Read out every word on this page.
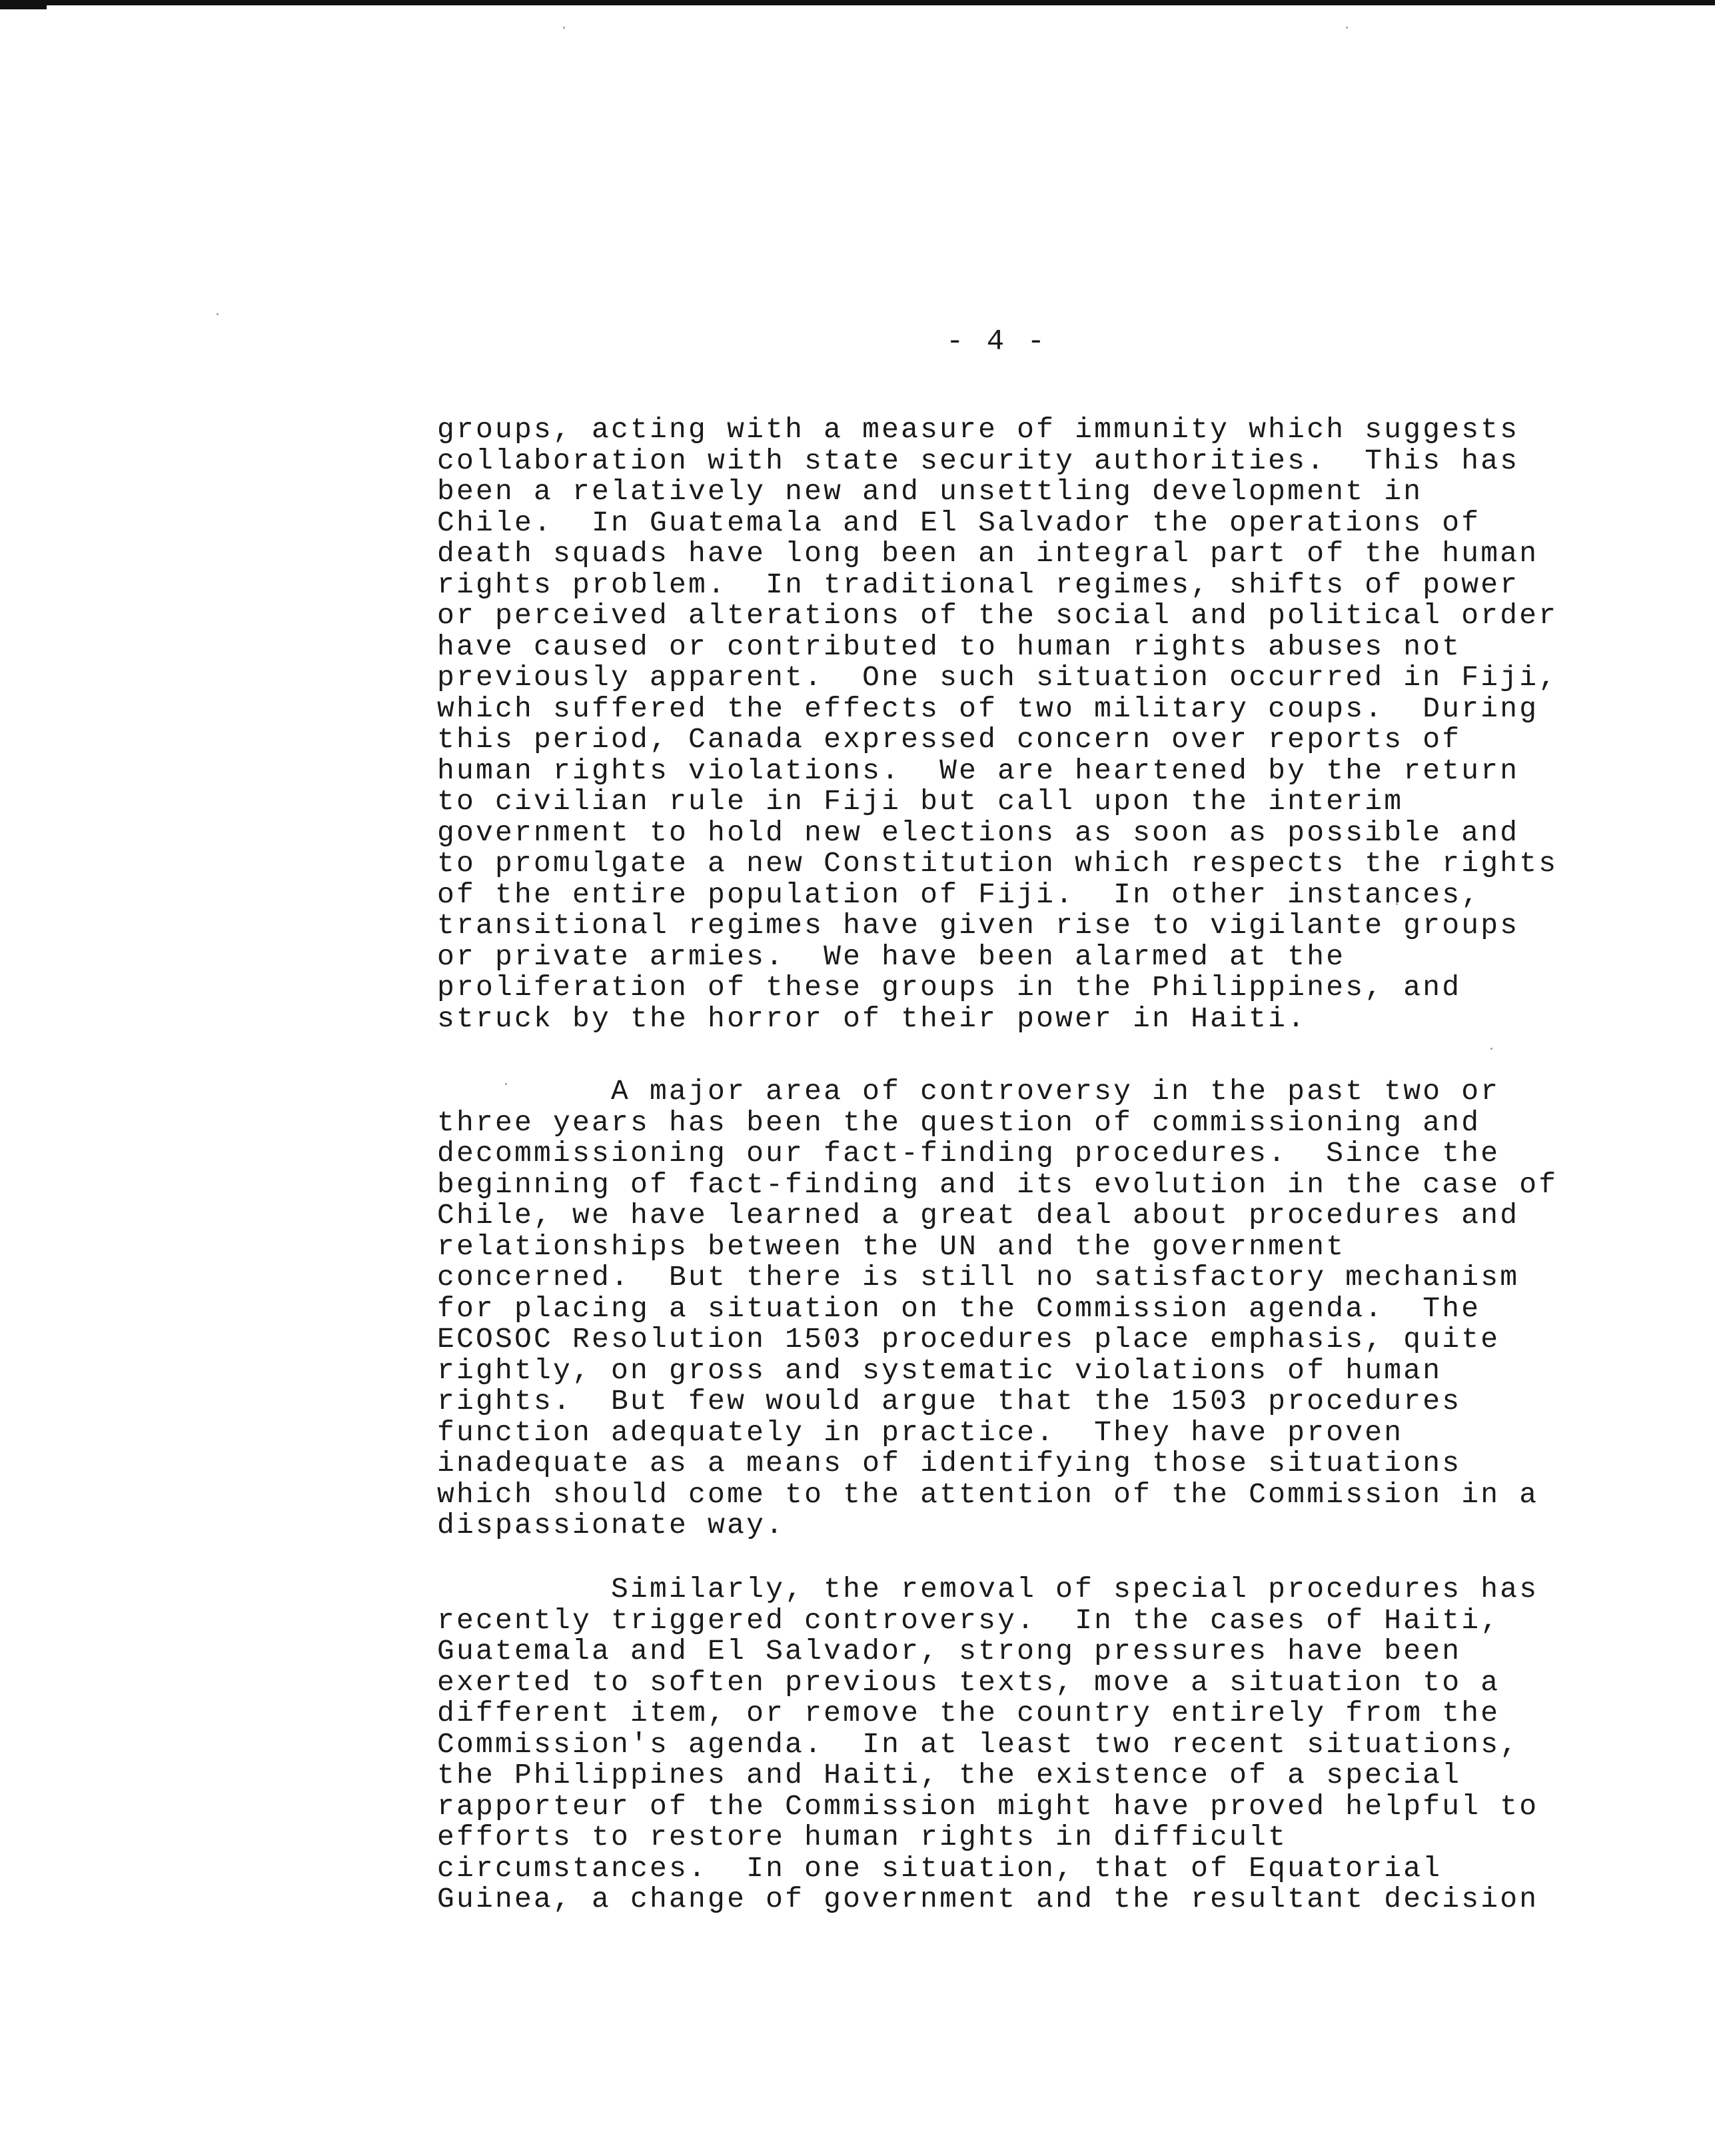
- 4 -
groups, acting with a measure of immunity which suggests
collaboration with state security authorities.  This has
been a relatively new and unsettling development in
Chile.  In Guatemala and El Salvador the operations of
death squads have long been an integral part of the human
rights problem.  In traditional regimes, shifts of power
or perceived alterations of the social and political order
have caused or contributed to human rights abuses not
previously apparent.  One such situation occurred in Fiji,
which suffered the effects of two military coups.  During
this period, Canada expressed concern over reports of
human rights violations.  We are heartened by the return
to civilian rule in Fiji but call upon the interim
government to hold new elections as soon as possible and
to promulgate a new Constitution which respects the rights
of the entire population of Fiji.  In other instances,
transitional regimes have given rise to vigilante groups
or private armies.  We have been alarmed at the
proliferation of these groups in the Philippines, and
struck by the horror of their power in Haiti.
A major area of controversy in the past two or
three years has been the question of commissioning and
decommissioning our fact-finding procedures.  Since the
beginning of fact-finding and its evolution in the case of
Chile, we have learned a great deal about procedures and
relationships between the UN and the government
concerned.  But there is still no satisfactory mechanism
for placing a situation on the Commission agenda.  The
ECOSOC Resolution 1503 procedures place emphasis, quite
rightly, on gross and systematic violations of human
rights.  But few would argue that the 1503 procedures
function adequately in practice.  They have proven
inadequate as a means of identifying those situations
which should come to the attention of the Commission in a
dispassionate way.
Similarly, the removal of special procedures has
recently triggered controversy.  In the cases of Haiti,
Guatemala and El Salvador, strong pressures have been
exerted to soften previous texts, move a situation to a
different item, or remove the country entirely from the
Commission's agenda.  In at least two recent situations,
the Philippines and Haiti, the existence of a special
rapporteur of the Commission might have proved helpful to
efforts to restore human rights in difficult
circumstances.  In one situation, that of Equatorial
Guinea, a change of government and the resultant decision
